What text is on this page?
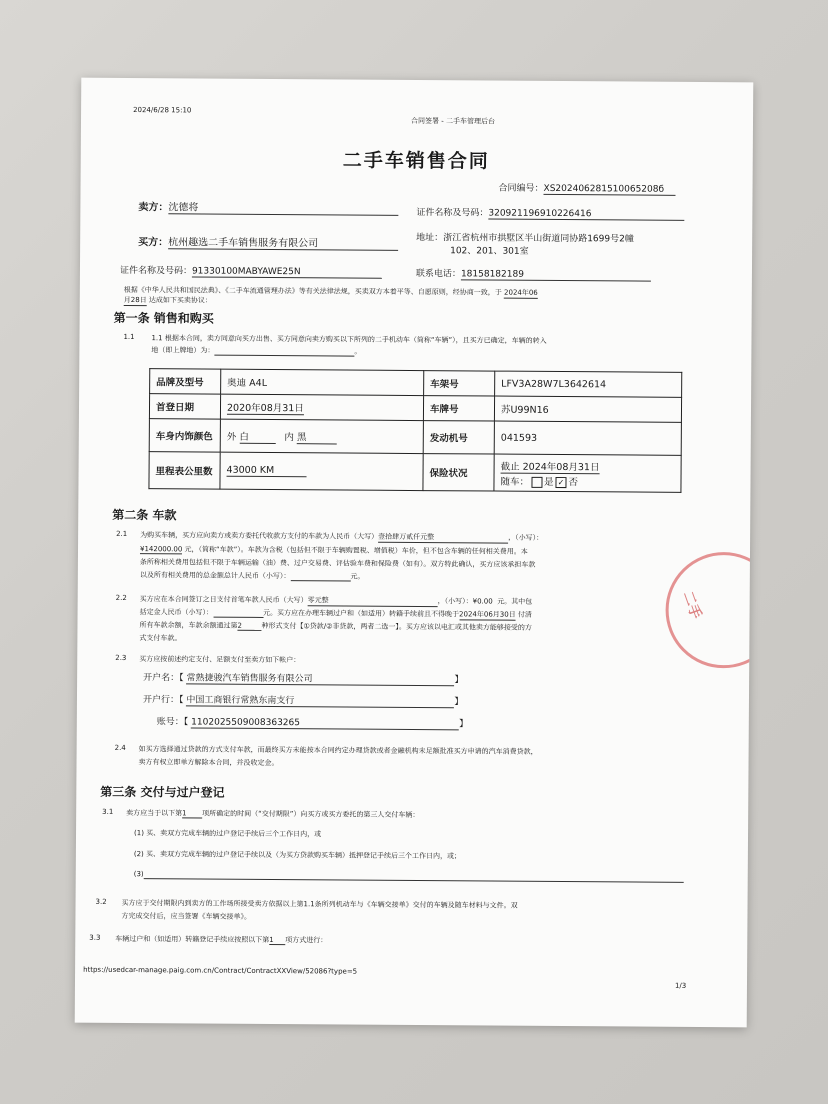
2024/6/28 15:10
合同签署 - 二手车管理后台
二手车销售合同
合同编号：XS202406281510065208б
卖方：沈德将	证件名称及号码：320921196910226416
买方：杭州趣选二手车销售服务有限公司	地址：浙江省杭州市拱墅区半山街道同协路1699号2幢
102、201、301室
证件名称及号码：91330100MABYAWE25N	联系电话：18158182189
根据《中华人民共和国民法典》、《二手车流通管理办法》等有关法律法规，买卖双方本着平等、自愿原则，经协商一致，于 2024年06
月28日 达成如下买卖协议：
第一条 销售和购买
1.1 1.1 根据本合同，卖方同意向买方出售、买方同意向卖方购买以下所列的二手机动车（简称“车辆”），且买方已确定，车辆的转入
地（即上牌地）为：	。
品牌及型号	奥迪 A4L	车架号	LFV3A28W7L3642614
首登日期	2020年08月31日	车牌号	苏U99N16
车身内饰颜色	外 白 内 黑	发动机号	041593
里程表公里数	43000 KM	保险状况	截止 2024年08月31日
随车： 是 ✓ 否
第二条 车款
2.1 为购买车辆，买方应向卖方或卖方委托代收款方支付的车款为人民币（大写）壹拾肆万贰仟元整	，（小写）：
¥142000.00 元，（简称“车款”）。车款为含税（包括但不限于车辆购置税、增值税）车价，但不包含车辆的任何相关费用。本
条所称相关费用包括但不限于车辆运输（油）费、过户交易费、评估验车费和保险费（如有）。双方特此确认，买方应该承担车款
以及所有相关费用的总金额总计人民币（小写）：	元。
2.2 买方应在本合同签订之日支付首笔车款人民币（大写）零元整	，（小写）：¥0.00 元。其中包
括定金人民币（小写）：	元。买方应在办理车辆过户和（如适用）转籍手续前且不得晚于2024年06月30日 付清
所有车款余额，车款余额通过第2	种形式支付【①贷款/②非贷款，两者二选一】。买方应该以电汇或其他卖方能够接受的方
式支付车款。
2.3 买方应按前述约定支付、足额支付至卖方如下帐户：
开户名：【 常熟捷骏汽车销售服务有限公司	】
开户行：【 中国工商银行常熟东南支行	】
账号：【 1102025509008363265	】
2.4 如买方选择通过贷款的方式支付车款，而最终买方未能按本合同约定办理贷款或者金融机构未足额批准买方申请的汽车消费贷款，
卖方有权立即单方解除本合同，并没收定金。
第三条 交付与过户登记
3.1 卖方应当于以下第1 项所确定的时间（“交付期限”）向买方或买方委托的第三人交付车辆：
(1) 买、卖双方完成车辆的过户登记手续后三个工作日内，或
(2) 买、卖双方完成车辆的过户登记手续以及（为买方贷款购买车辆）抵押登记手续后三个工作日内，或；
(3)
3.2 买方应于交付期限内到卖方的工作场所接受卖方依据以上第1.1条所列机动车与《车辆交接单》交付的车辆及随车材料与文件。双
方完成交付后，应当签署《车辆交接单》。
3.3 车辆过户和（如适用）转籍登记手续应按照以下第1 项方式进行：
https://usedcar-manage.paig.com.cn/Contract/ContractXXView/52086?type=5
1/3
二手
